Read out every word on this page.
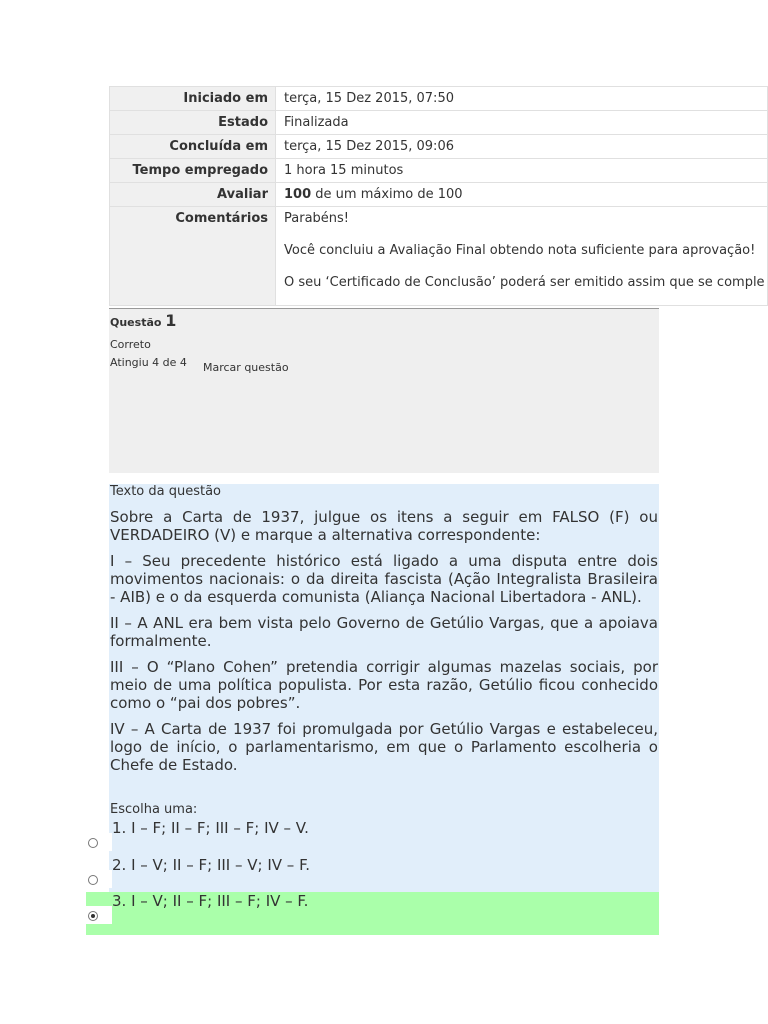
Iniciado em	terça, 15 Dez 2015, 07:50
Estado	Finalizada
Concluída em	terça, 15 Dez 2015, 09:06
Tempo empregado	1 hora 15 minutos
Avaliar	100 de um máximo de 100
Comentários	Parabéns!

Você concluiu a Avaliação Final obtendo nota suficiente para aprovação!

O seu ‘Certificado de Conclusão’ poderá ser emitido assim que se comple

Questão 1
Correto
Atingiu 4 de 4	Marcar questão
Texto da questão

Sobre a Carta de 1937, julgue os itens a seguir em FALSO (F) ou VERDADEIRO (V) e marque a alternativa correspondente:

I – Seu precedente histórico está ligado a uma disputa entre dois movimentos nacionais: o da direita fascista (Ação Integralista Brasileira - AIB) e o da esquerda comunista (Aliança Nacional Libertadora - ANL).

II – A ANL era bem vista pelo Governo de Getúlio Vargas, que a apoiava formalmente.

III – O “Plano Cohen” pretendia corrigir algumas mazelas sociais, por meio de uma política populista. Por esta razão, Getúlio ficou conhecido como o “pai dos pobres”.

IV – A Carta de 1937 foi promulgada por Getúlio Vargas e estabeleceu, logo de início, o parlamentarismo, em que o Parlamento escolheria o Chefe de Estado.

Escolha uma:
1. I – F; II – F; III – F; IV – V.
2. I – V; II – F; III – V; IV – F.
3. I – V; II – F; III – F; IV – F.
